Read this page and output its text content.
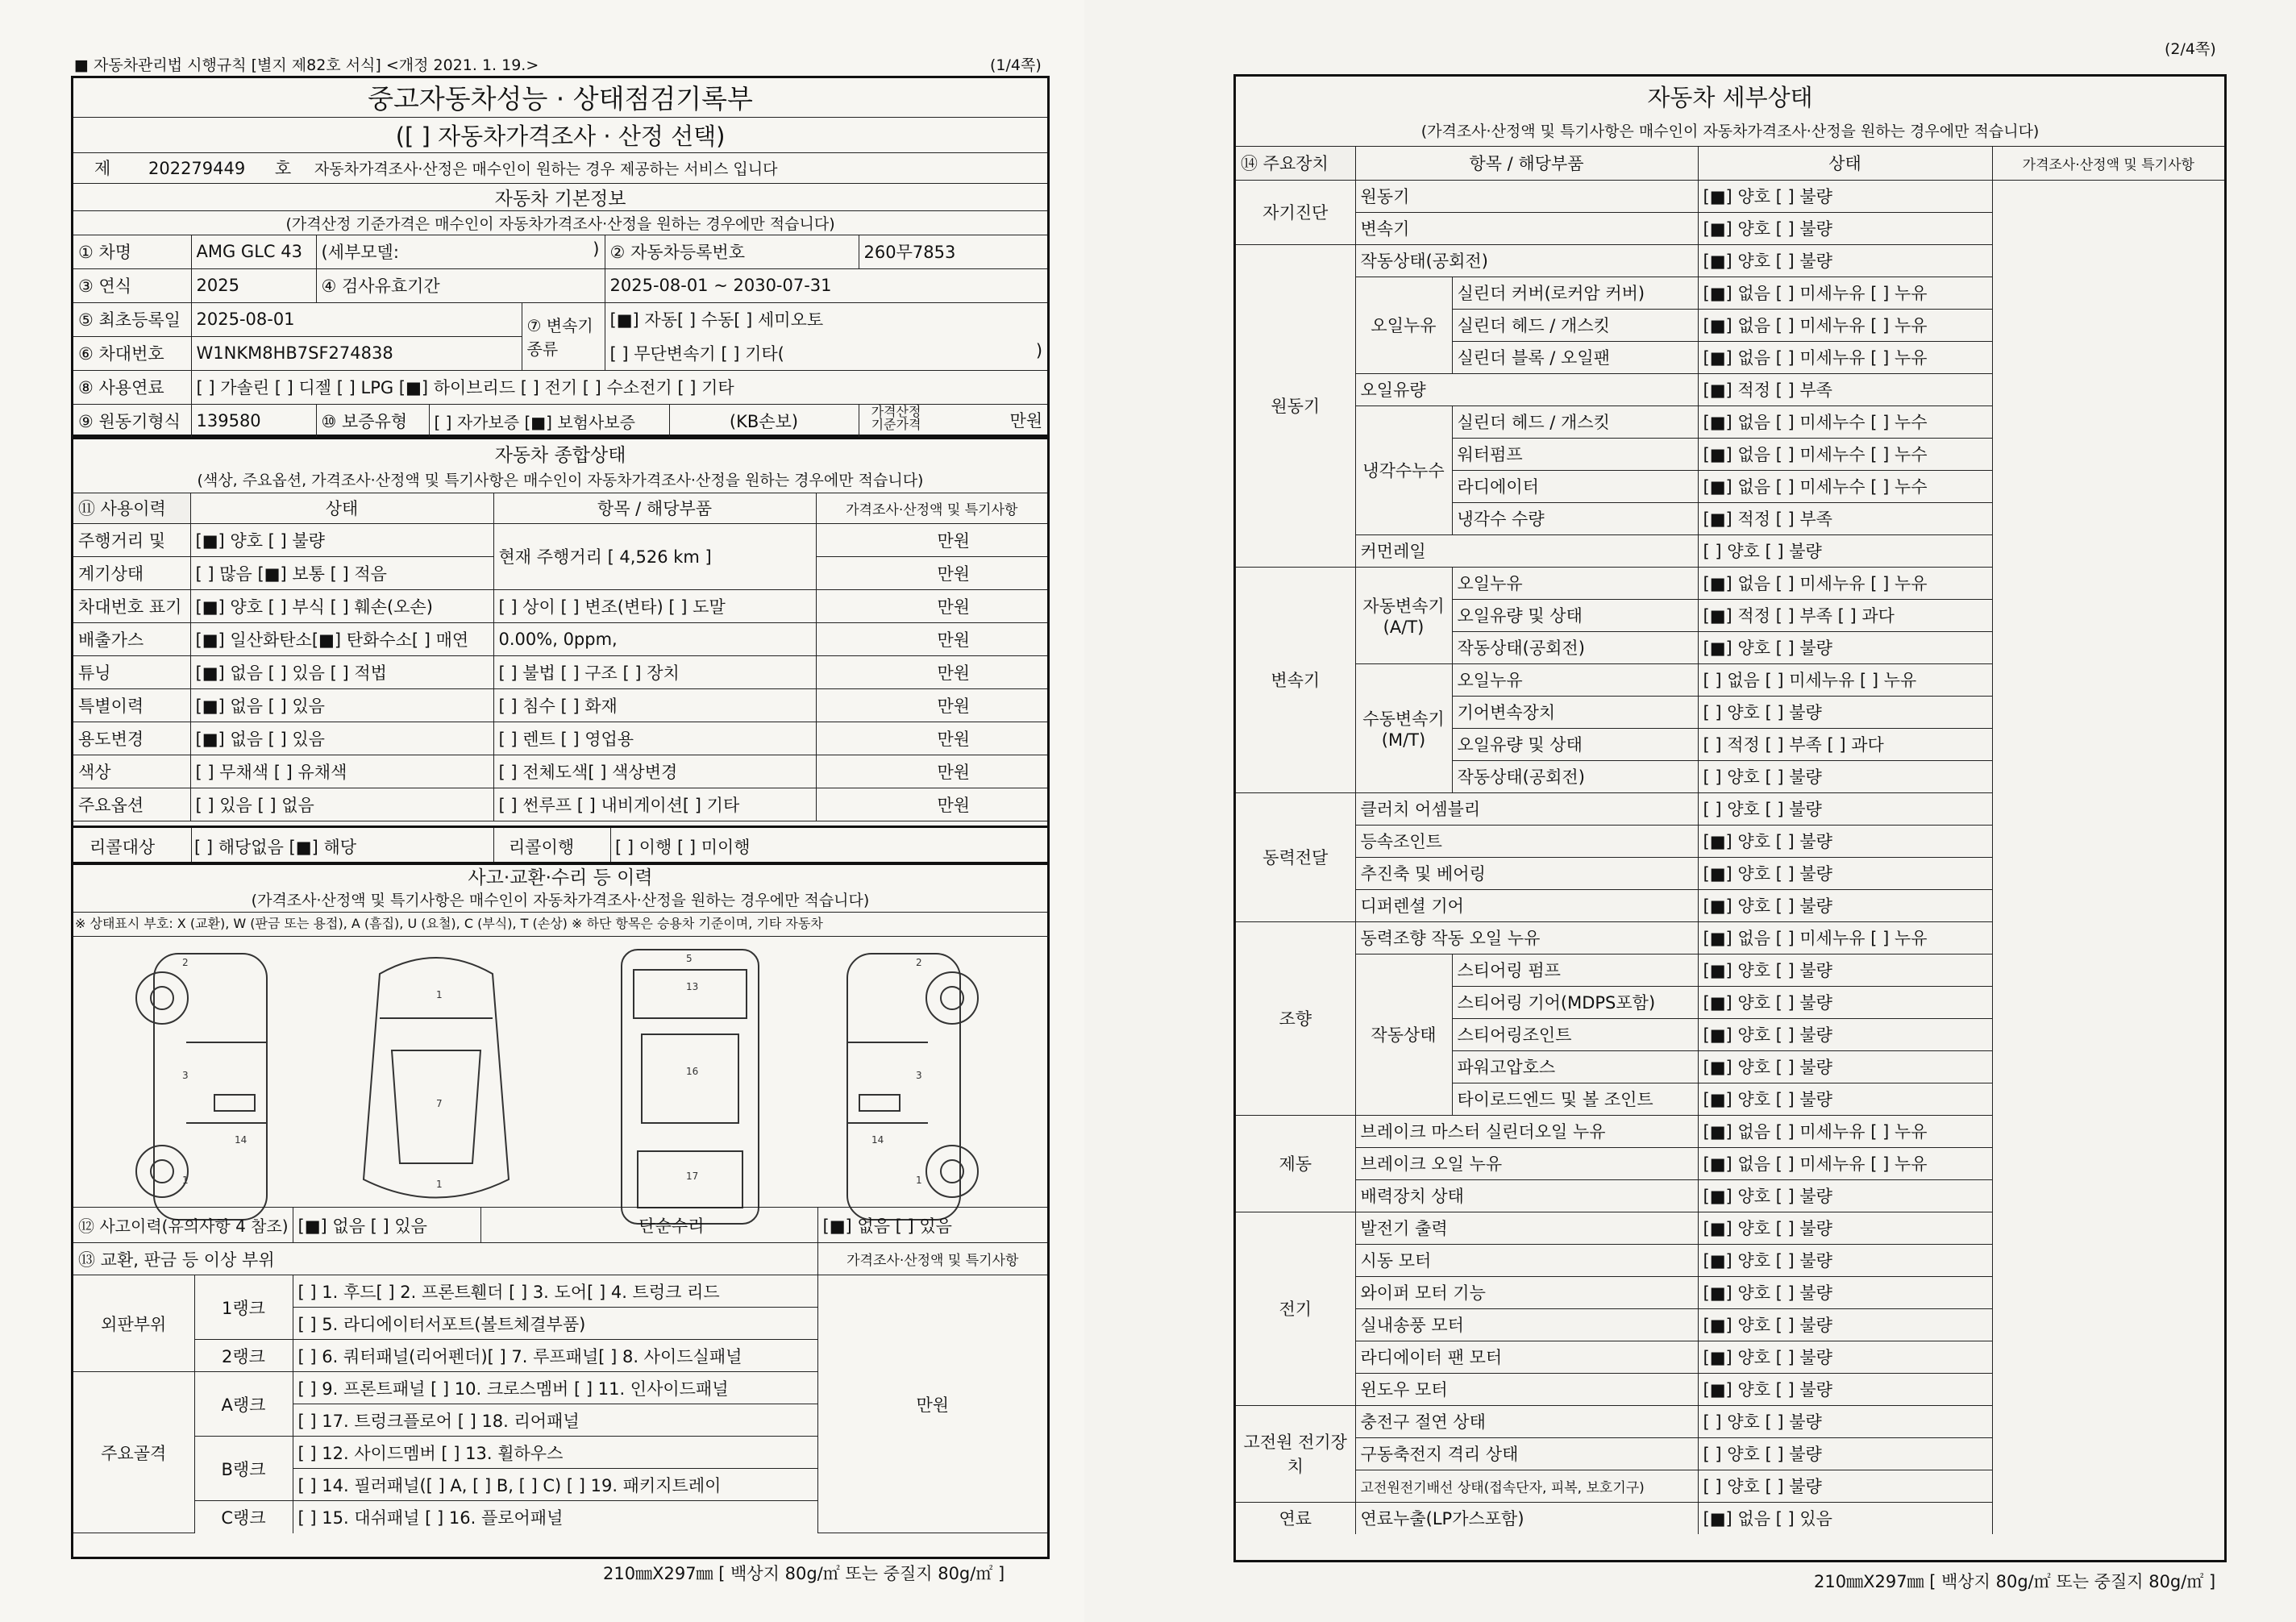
■ 자동차관리법 시행규칙 [별지 제82호 서식] <개정 2021. 1. 19.>	(1/4쪽)
중고자동차성능 · 상태점검기록부							
([ ] 자동차가격조사 · 산정 선택)							
제 202279449 호 자동차가격조사·산정은 매수인이 원하는 경우 제공하는 서비스 입니다							
자동차 기본정보							
(가격산정 기준가격은 매수인이 자동차가격조사·산정을 원하는 경우에만 적습니다)							
① 차명	AMG GLC 43	(세부모델: )			② 자동차등록번호		260무7853
③ 연식	2025	④ 검사유효기간			2025-08-01 ~ 2030-07-31		
⑤ 최초등록일	2025-08-01			⑦ 변속기 종류	[■] 자동[ ] 수동[ ] 세미오토		
⑥ 차대번호	W1NKM8HB7SF274838				[ ] 무단변속기 [ ] 기타( )		

⑧ 사용연료	[ ] 가솔린 [ ] 디젤 [ ] LPG [■] 하이브리드 [ ] 전기 [ ] 수소전기 [ ] 기타						
⑨ 원동기형식	139580	⑩ 보증유형	[ ] 자가보증 [■] 보험사보증			(KB손보)	가격산정 기준가격 만원
자동차 종합상태			
(색상, 주요옵션, 가격조사·산정액 및 특기사항은 매수인이 자동차가격조사·산정을 원하는 경우에만 적습니다)			
⑪ 사용이력	상태	항목 / 해당부품	가격조사·산정액 및 특기사항
주행거리 및	[■] 양호 [ ] 불량	현재 주행거리 [ 4,526 km ]	만원
계기상태	[ ] 많음 [■] 보통 [ ] 적음		만원
차대번호 표기	[■] 양호 [ ] 부식 [ ] 훼손(오손)	[ ] 상이 [ ] 변조(변타) [ ] 도말	만원
배출가스	[■] 일산화탄소[■] 탄화수소[ ] 매연	0.00%, 0ppm,	만원
튜닝	[■] 없음 [ ] 있음 [ ] 적법	[ ] 불법 [ ] 구조 [ ] 장치	만원
특별이력	[■] 없음 [ ] 있음	[ ] 침수 [ ] 화재	만원
용도변경	[■] 없음 [ ] 있음	[ ] 렌트 [ ] 영업용	만원
색상	[ ] 무채색 [ ] 유채색	[ ] 전체도색[ ] 색상변경	만원
주요옵션	[ ] 있음 [ ] 없음	[ ] 썬루프 [ ] 내비게이션[ ] 기타	만원
리콜대상 [ ] 해당없음 [■] 해당	리콜이행 [ ] 이행 [ ] 미이행
사고·교환·수리 등 이력
(가격조사·산정액 및 특기사항은 매수인이 자동차가격조사·산정을 원하는 경우에만 적습니다)
※ 상태표시 부호: X (교환), W (판금 또는 용접), A (흠집), U (요철), C (부식), T (손상) ※ 하단 항목은 승용차 기준이며, 기타 자동차
2
3
14
1
1
7
1
5
13
16
17
2
3
14
1
⑫ 사고이력(유의사항 4 참조)		[■] 없음 [ ] 있음	단순수리	[■] 없음 [ ] 있음
⑬ 교환, 판금 등 이상 부위				가격조사·산정액 및 특기사항
외판부위	1랭크	[ ] 1. 후드[ ] 2. 프론트휀더 [ ] 3. 도어[ ] 4. 트렁크 리드		만원
		[ ] 5. 라디에이터서포트(볼트체결부품)		
	2랭크	[ ] 6. 쿼터패널(리어펜더)[ ] 7. 루프패널[ ] 8. 사이드실패널		
주요골격	A랭크	[ ] 9. 프론트패널 [ ] 10. 크로스멤버 [ ] 11. 인사이드패널		
		[ ] 17. 트렁크플로어 [ ] 18. 리어패널		
	B랭크	[ ] 12. 사이드멤버 [ ] 13. 휠하우스		
		[ ] 14. 필러패널([ ] A, [ ] B, [ ] C) [ ] 19. 패키지트레이		
	C랭크	[ ] 15. 대쉬패널 [ ] 16. 플로어패널		
210㎜X297㎜ [ 백상지 80g/㎡ 또는 중질지 80g/㎡ ]
(2/4쪽)
자동차 세부상태				
(가격조사·산정액 및 특기사항은 매수인이 자동차가격조사·산정을 원하는 경우에만 적습니다)				
⑭ 주요장치	항목 / 해당부품		상태	가격조사·산정액 및 특기사항
자기진단	원동기		[■] 양호 [ ] 불량	
	변속기		[■] 양호 [ ] 불량	
원동기	작동상태(공회전)		[■] 양호 [ ] 불량	
	오일누유	실린더 커버(로커암 커버)	[■] 없음 [ ] 미세누유 [ ] 누유	
		실린더 헤드 / 개스킷	[■] 없음 [ ] 미세누유 [ ] 누유	
		실린더 블록 / 오일팬	[■] 없음 [ ] 미세누유 [ ] 누유	
	오일유량		[■] 적정 [ ] 부족	
	냉각수누수	실린더 헤드 / 개스킷	[■] 없음 [ ] 미세누수 [ ] 누수	
		워터펌프	[■] 없음 [ ] 미세누수 [ ] 누수	
		라디에이터	[■] 없음 [ ] 미세누수 [ ] 누수	
		냉각수 수량	[■] 적정 [ ] 부족	
	커먼레일		[ ] 양호 [ ] 불량	
변속기	자동변속기 (A/T)	오일누유	[■] 없음 [ ] 미세누유 [ ] 누유	
		오일유량 및 상태	[■] 적정 [ ] 부족 [ ] 과다	
		작동상태(공회전)	[■] 양호 [ ] 불량	
	수동변속기 (M/T)	오일누유	[ ] 없음 [ ] 미세누유 [ ] 누유	
		기어변속장치	[ ] 양호 [ ] 불량	
		오일유량 및 상태	[ ] 적정 [ ] 부족 [ ] 과다	
		작동상태(공회전)	[ ] 양호 [ ] 불량	
동력전달	클러치 어셈블리		[ ] 양호 [ ] 불량	
	등속조인트		[■] 양호 [ ] 불량	
	추진축 및 베어링		[■] 양호 [ ] 불량	
	디퍼렌셜 기어		[■] 양호 [ ] 불량	
조향	동력조향 작동 오일 누유		[■] 없음 [ ] 미세누유 [ ] 누유	
	작동상태	스티어링 펌프	[■] 양호 [ ] 불량	
		스티어링 기어(MDPS포함)	[■] 양호 [ ] 불량	
		스티어링조인트	[■] 양호 [ ] 불량	
		파워고압호스	[■] 양호 [ ] 불량	
		타이로드엔드 및 볼 조인트	[■] 양호 [ ] 불량	
제동	브레이크 마스터 실린더오일 누유		[■] 없음 [ ] 미세누유 [ ] 누유	
	브레이크 오일 누유		[■] 없음 [ ] 미세누유 [ ] 누유	
	배력장치 상태		[■] 양호 [ ] 불량	
전기	발전기 출력		[■] 양호 [ ] 불량	
	시동 모터		[■] 양호 [ ] 불량	
	와이퍼 모터 기능		[■] 양호 [ ] 불량	
	실내송풍 모터		[■] 양호 [ ] 불량	
	라디에이터 팬 모터		[■] 양호 [ ] 불량	
	윈도우 모터		[■] 양호 [ ] 불량	
고전원 전기장치	충전구 절연 상태		[ ] 양호 [ ] 불량	
	구동축전지 격리 상태		[ ] 양호 [ ] 불량	
	고전원전기배선 상태(접속단자, 피복, 보호기구)		[ ] 양호 [ ] 불량	
연료	연료누출(LP가스포함)		[■] 없음 [ ] 있음	
210㎜X297㎜ [ 백상지 80g/㎡ 또는 중질지 80g/㎡ ]
